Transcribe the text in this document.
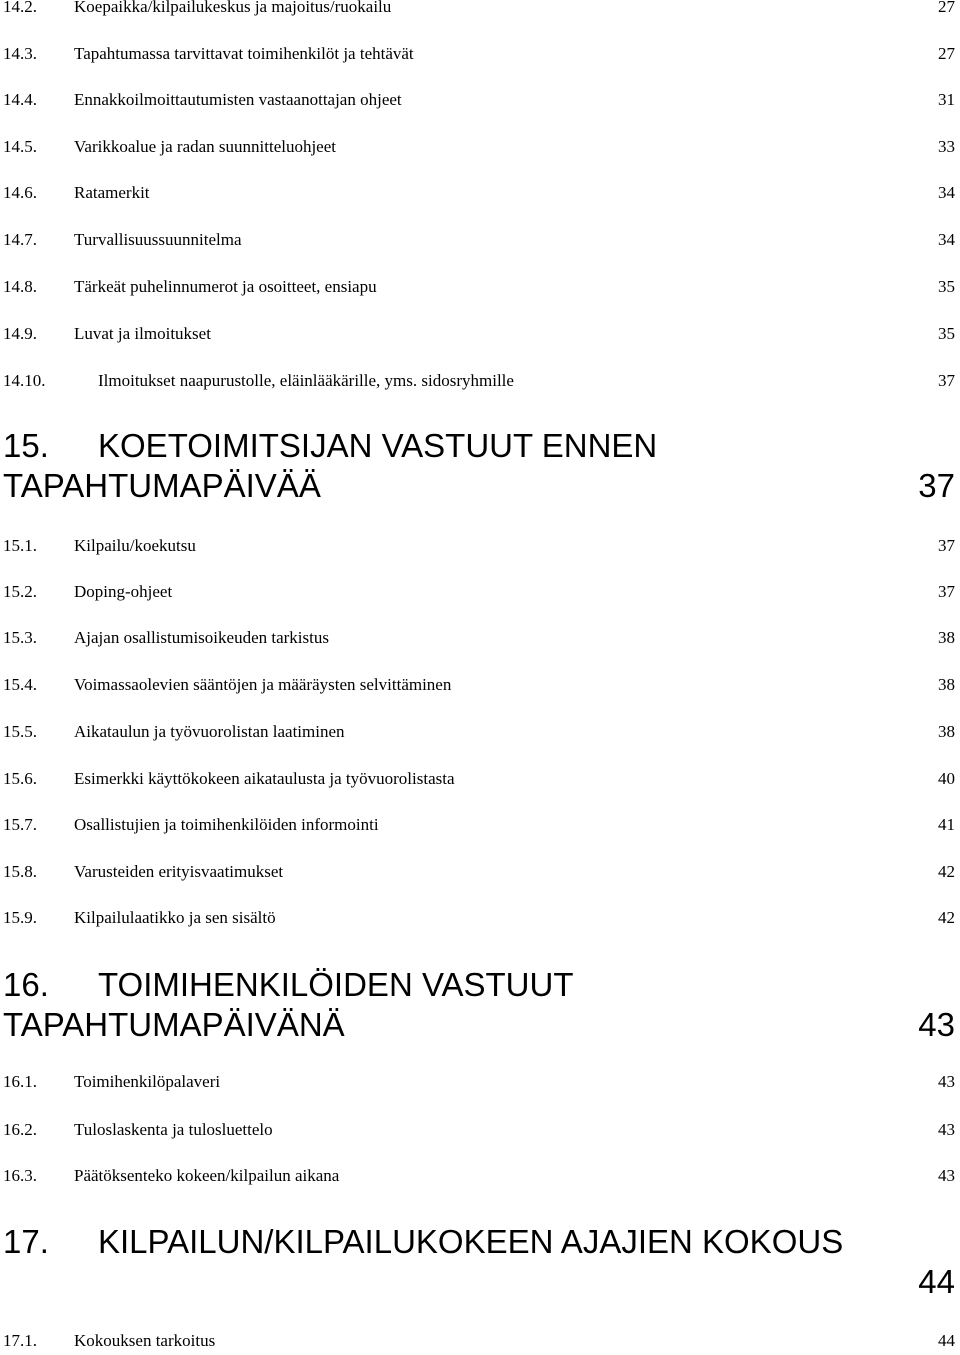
14.2. Koepaikka/kilpailukeskus ja majoitus/ruokailu	27
14.3. Tapahtumassa tarvittavat toimihenkilöt ja tehtävät	27
14.4. Ennakkoilmoittautumisten vastaanottajan ohjeet	31
14.5. Varikkoalue ja radan suunnitteluohjeet	33
14.6. Ratamerkit	34
14.7. Turvallisuussuunnitelma	34
14.8. Tärkeät puhelinnumerot ja osoitteet, ensiapu	35
14.9. Luvat ja ilmoitukset	35
14.10.	Ilmoitukset naapurustolle, eläinlääkärille, yms. sidosryhmille	37
15. KOETOIMITSIJAN VASTUUT ENNEN
TAPAHTUMAPÄIVÄÄ	37
15.1. Kilpailu/koekutsu	37
15.2. Doping-ohjeet	37
15.3. Ajajan osallistumisoikeuden tarkistus	38
15.4. Voimassaolevien sääntöjen ja määräysten selvittäminen	38
15.5. Aikataulun ja työvuorolistan laatiminen	38
15.6. Esimerkki käyttökokeen aikataulusta ja työvuorolistasta	40
15.7. Osallistujien ja toimihenkilöiden informointi	41
15.8. Varusteiden erityisvaatimukset	42
15.9. Kilpailulaatikko ja sen sisältö	42
16. TOIMIHENKILÖIDEN VASTUUT
TAPAHTUMAPÄIVÄNÄ	43
16.1. Toimihenkilöpalaveri	43
16.2. Tuloslaskenta ja tulosluettelo	43
16.3. Päätöksenteko kokeen/kilpailun aikana	43
17. KILPAILUN/KILPAILUKOKEEN AJAJIEN KOKOUS
44
17.1. Kokouksen tarkoitus	44
